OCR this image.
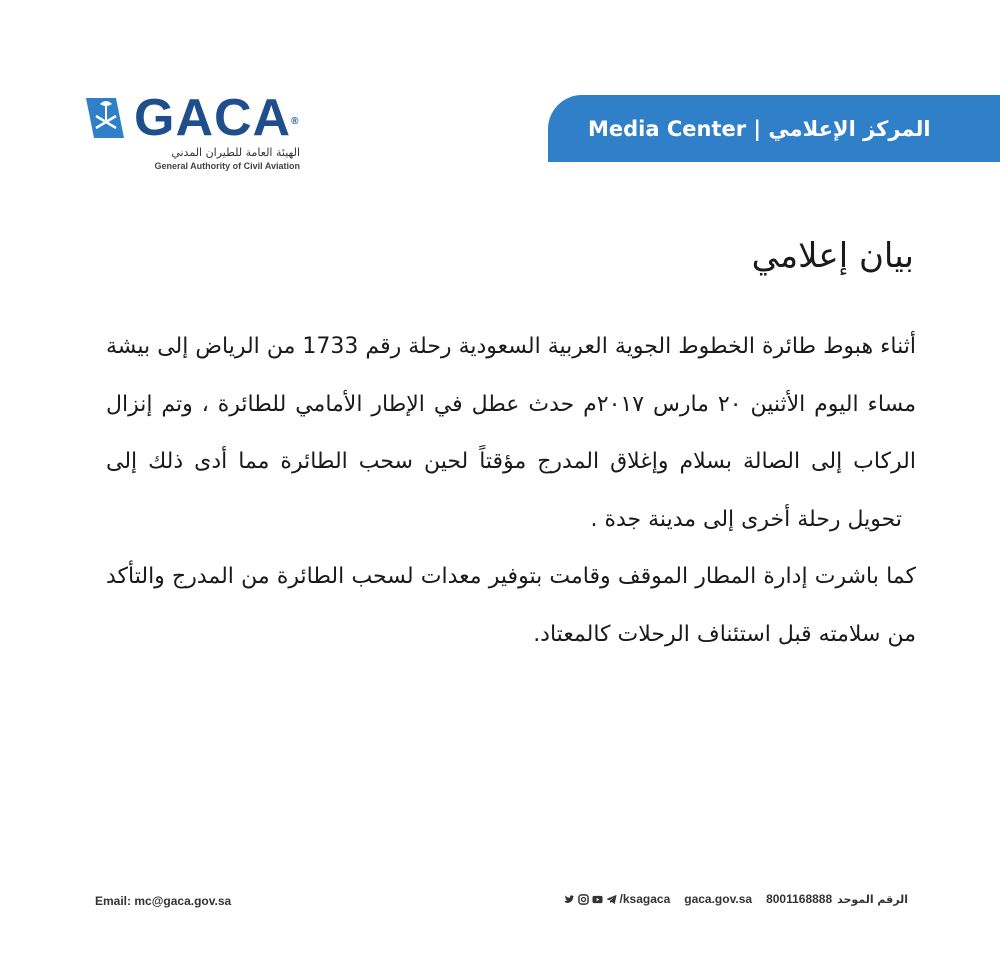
GACA®
الهيئة العامة للطيران المدني
General Authority of Civil Aviation
Media Center | المركز الإعلامي
بيان إعلامي
أثناء هبوط طائرة الخطوط الجوية العربية السعودية رحلة رقم 1733 من الرياض إلى بيشة
مساء اليوم الأثنين ٢٠ مارس ٢٠١٧م حدث عطل في الإطار الأمامي للطائرة ، وتم إنزال
الركاب إلى الصالة بسلام وإغلاق المدرج مؤقتاً لحين سحب الطائرة مما أدى ذلك إلى
تحويل رحلة أخرى إلى مدينة جدة .
كما باشرت إدارة المطار الموقف وقامت بتوفير معدات لسحب الطائرة من المدرج والتأكد
من سلامته قبل استئناف الرحلات كالمعتاد.
Email: mc@gaca.gov.sa	/ksagaca gaca.gov.sa 8001168888 الرقم الموحد
